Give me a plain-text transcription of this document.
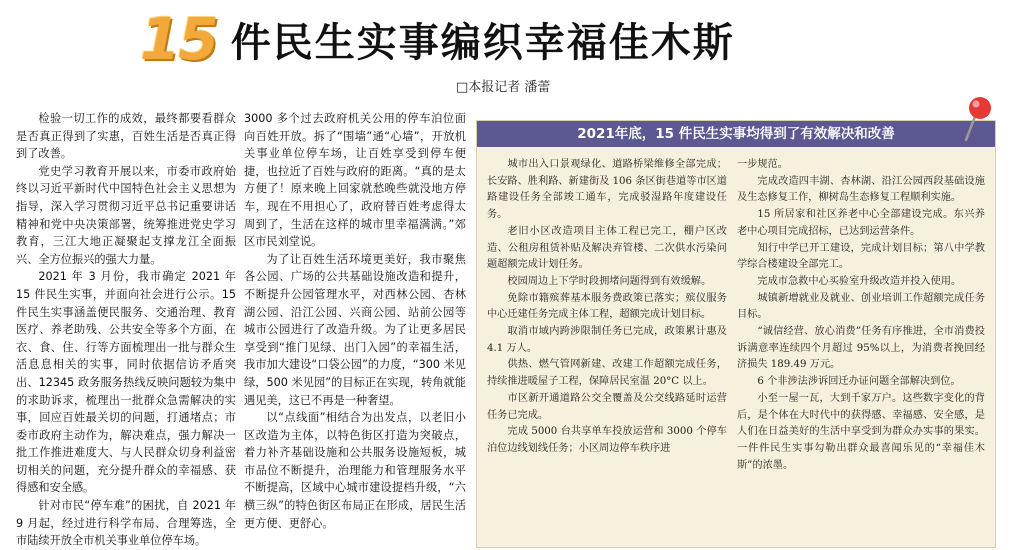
15 件民生实事编织幸福佳木斯
□本报记者 潘蕾

检验一切工作的成效，最终都要看群众是否真正得到了实惠，百姓生活是否真正得到了改善。

党史学习教育开展以来，市委市政府始终以习近平新时代中国特色社会主义思想为指导，深入学习贯彻习近平总书记重要讲话精神和党中央决策部署，统筹推进党史学习教育，三江大地正凝聚起支撑龙江全面振兴、全方位振兴的强大力量。

2021 年 3 月份，我市确定 2021 年 15 件民生实事，并面向社会进行公示。15 件民生实事涵盖便民服务、交通治理、教育医疗、养老助残、公共安全等多个方面，在衣、食、住、行等方面梳理出一批与群众生活息息相关的实事，同时依据信访矛盾突出、12345 政务服务热线反映问题较为集中的求助诉求，梳理出一批群众急需解决的实事，回应百姓最关切的问题，打通堵点；市委市政府主动作为，解决难点，强力解决一批工作推进难度大、与人民群众切身利益密切相关的问题，充分提升群众的幸福感、获得感和安全感。

针对市民“停车难”的困扰，自 2021 年 9 月起，经过进行科学布局、合理筹选，全市陆续开放全市机关事业单位停车场。

3000 多个过去政府机关公用的停车泊位面向百姓开放。拆了“围墙”通“心墙”，开放机关事业单位停车场，让百姓享受到停车便捷，也拉近了百姓与政府的距离。“真的是太方便了！原来晚上回家就愁晚些就没地方停车，现在不用担心了，政府替百姓考虑得太周到了，生活在这样的城市里幸福满满。”郊区市民刘堂说。

为了让百姓生活环境更美好，我市聚焦各公园、广场的公共基础设施改造和提升，不断提升公园管理水平，对西林公园、杏林湖公园、沿江公园、兴商公园、站前公园等城市公园进行了改造升级。为了让更多居民享受到“推门见绿、出门入园”的幸福生活，我市加大建设“口袋公园”的力度，“300 米见绿，500 米见园”的目标正在实现，转角就能遇见美，这已不再是一种奢望。

以“点线面”相结合为出发点，以老旧小区改造为主体，以特色街区打造为突破点，着力补齐基础设施和公共服务设施短板，城市品位不断提升，治理能力和管理服务水平不断提高，区域中心城市建设提档升级，“六横三纵”的特色街区布局正在形成，居民生活更方便、更舒心。

2021年底，15 件民生实事均得到了有效解决和改善

城市出入口景观绿化、道路桥梁维修全部完成；长安路、胜利路、新建街及 106 条区街巷道等市区道路建设任务全部竣工通车，完成驳湿路年度建设任务。

老旧小区改造项目主体工程已完工，棚户区改造、公租房租赁补贴及解决弃管楼、二次供水污染问题超额完成计划任务。

校园周边上下学时段拥堵问题得到有效缓解。

免除市籍殡葬基本服务费政策已落实；殡仪服务中心迁建任务完成主体工程，超额完成计划目标。

取消市域内跨涉限制任务已完成，政策累计惠及 4.1 万人。

供热、燃气管网新建、改建工作超额完成任务，持续推进暖屋子工程，保障居民室温 20°C 以上。

市区新开通道路公交全覆盖及公交线路延时运营任务已完成。

完成 5000 台共享单车投放运营和 3000 个停车泊位边线划线任务；小区周边停车秩序进

一步规范。

完成改造四丰湖、杏林湖、沿江公园西段基础设施及生态修复工作，柳树岛生态修复工程顺利实施。

15 所居家和社区养老中心全部建设完成。东兴养老中心项目完成招标，已达到运营条件。

知行中学已开工建设，完成计划目标；第八中学教学综合楼建设全部完工。

完成市急救中心买验室升级改造并投入使用。

城镇新增就业及就业、创业培训工作超额完成任务目标。

“诚信经营、放心消费”任务有序推进，全市消费投诉满意率连续四个月超过 95%以上，为消费者挽回经济损失 189.49 万元。

6 个非涉法涉诉回迁办证问题全部解决到位。

小至一屋一瓦，大到千家万户。这些数字变化的背后，是个体在大时代中的获得感、幸福感、安全感，是人们在日益美好的生活中享受到为群众办实事的果实。一件件民生实事勾勒出群众最喜闻乐见的“幸福佳木斯”的浓墨。
